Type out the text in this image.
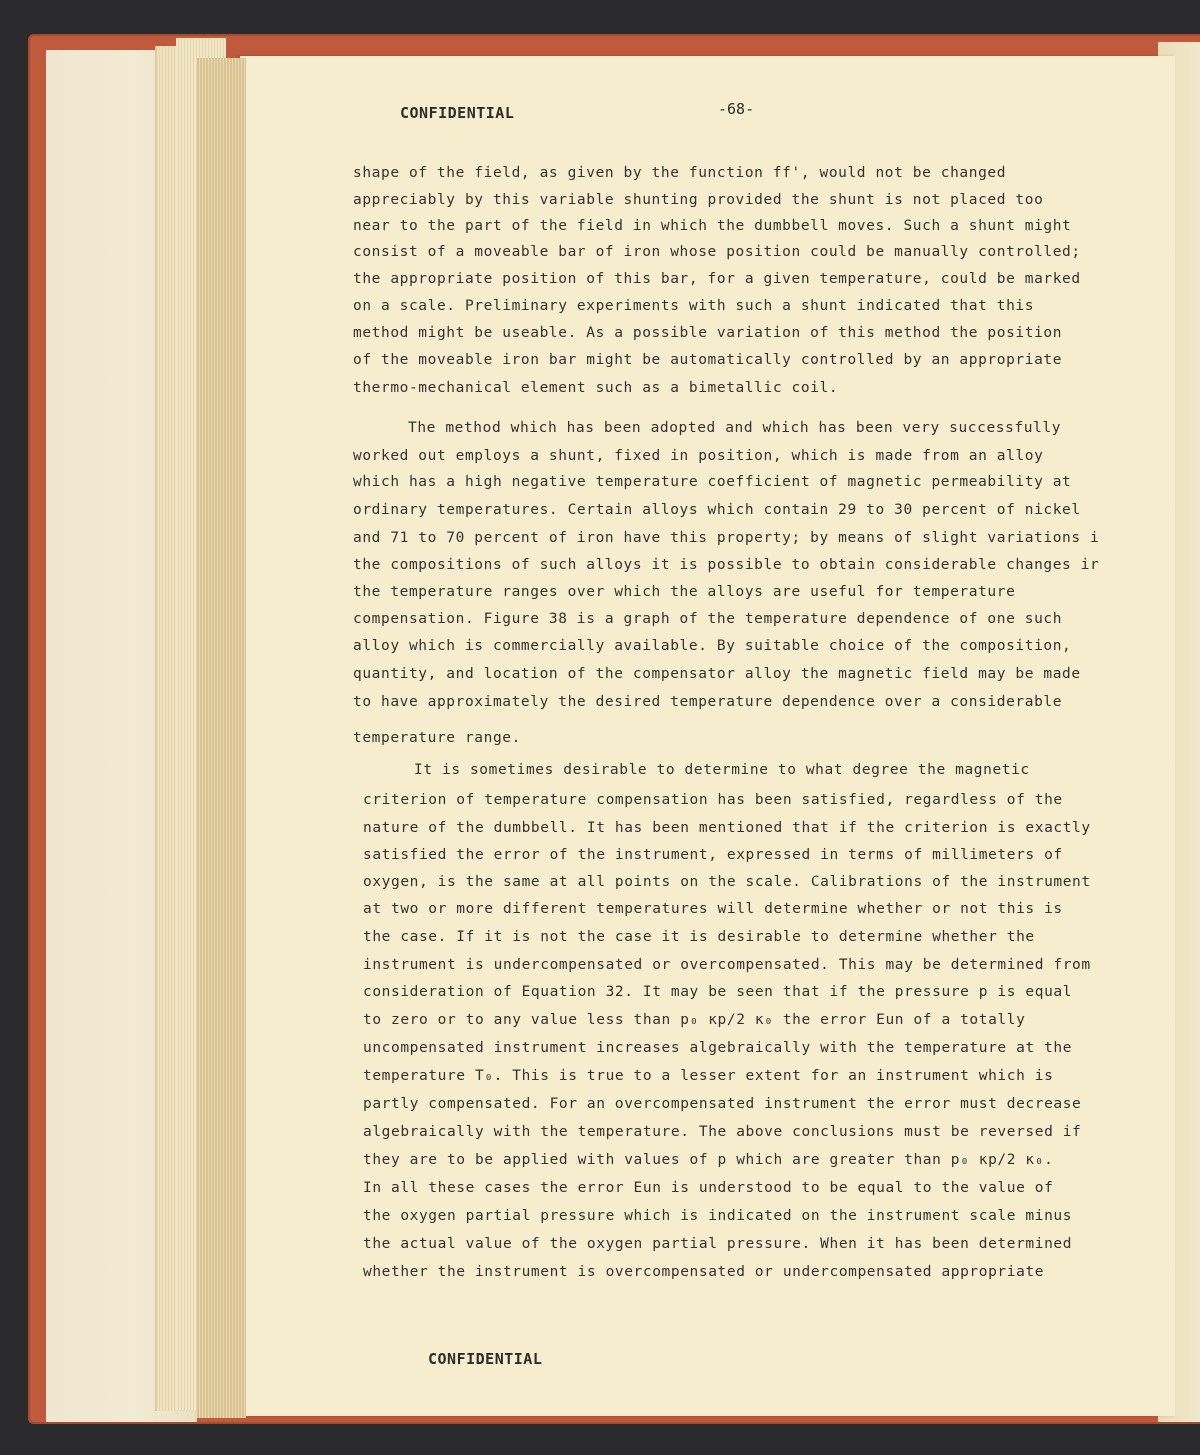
CONFIDENTIAL	-68-
shape of the field, as given by the function ff', would not be changed
appreciably by this variable shunting provided the shunt is not placed too
near to the part of the field in which the dumbbell moves. Such a shunt might
consist of a moveable bar of iron whose position could be manually controlled;
the appropriate position of this bar, for a given temperature, could be marked
on a scale. Preliminary experiments with such a shunt indicated that this
method might be useable. As a possible variation of this method the position
of the moveable iron bar might be automatically controlled by an appropriate
thermo-mechanical element such as a bimetallic coil.
The method which has been adopted and which has been very successfully
worked out employs a shunt, fixed in position, which is made from an alloy
which has a high negative temperature coefficient of magnetic permeability at
ordinary temperatures. Certain alloys which contain 29 to 30 percent of nickel
and 71 to 70 percent of iron have this property; by means of slight variations i
the compositions of such alloys it is possible to obtain considerable changes ir
the temperature ranges over which the alloys are useful for temperature
compensation. Figure 38 is a graph of the temperature dependence of one such
alloy which is commercially available. By suitable choice of the composition,
quantity, and location of the compensator alloy the magnetic field may be made
to have approximately the desired temperature dependence over a considerable
temperature range.
It is sometimes desirable to determine to what degree the magnetic
criterion of temperature compensation has been satisfied, regardless of the
nature of the dumbbell. It has been mentioned that if the criterion is exactly
satisfied the error of the instrument, expressed in terms of millimeters of
oxygen, is the same at all points on the scale. Calibrations of the instrument
at two or more different temperatures will determine whether or not this is
the case. If it is not the case it is desirable to determine whether the
instrument is undercompensated or overcompensated. This may be determined from
consideration of Equation 32. It may be seen that if the pressure p is equal
to zero or to any value less than p₀ κp/2 κ₀ the error Eun of a totally
uncompensated instrument increases algebraically with the temperature at the
temperature T₀. This is true to a lesser extent for an instrument which is
partly compensated. For an overcompensated instrument the error must decrease
algebraically with the temperature. The above conclusions must be reversed if
they are to be applied with values of p which are greater than p₀ κp/2 κ₀.
In all these cases the error Eun is understood to be equal to the value of
the oxygen partial pressure which is indicated on the instrument scale minus
the actual value of the oxygen partial pressure. When it has been determined
whether the instrument is overcompensated or undercompensated appropriate
CONFIDENTIAL
